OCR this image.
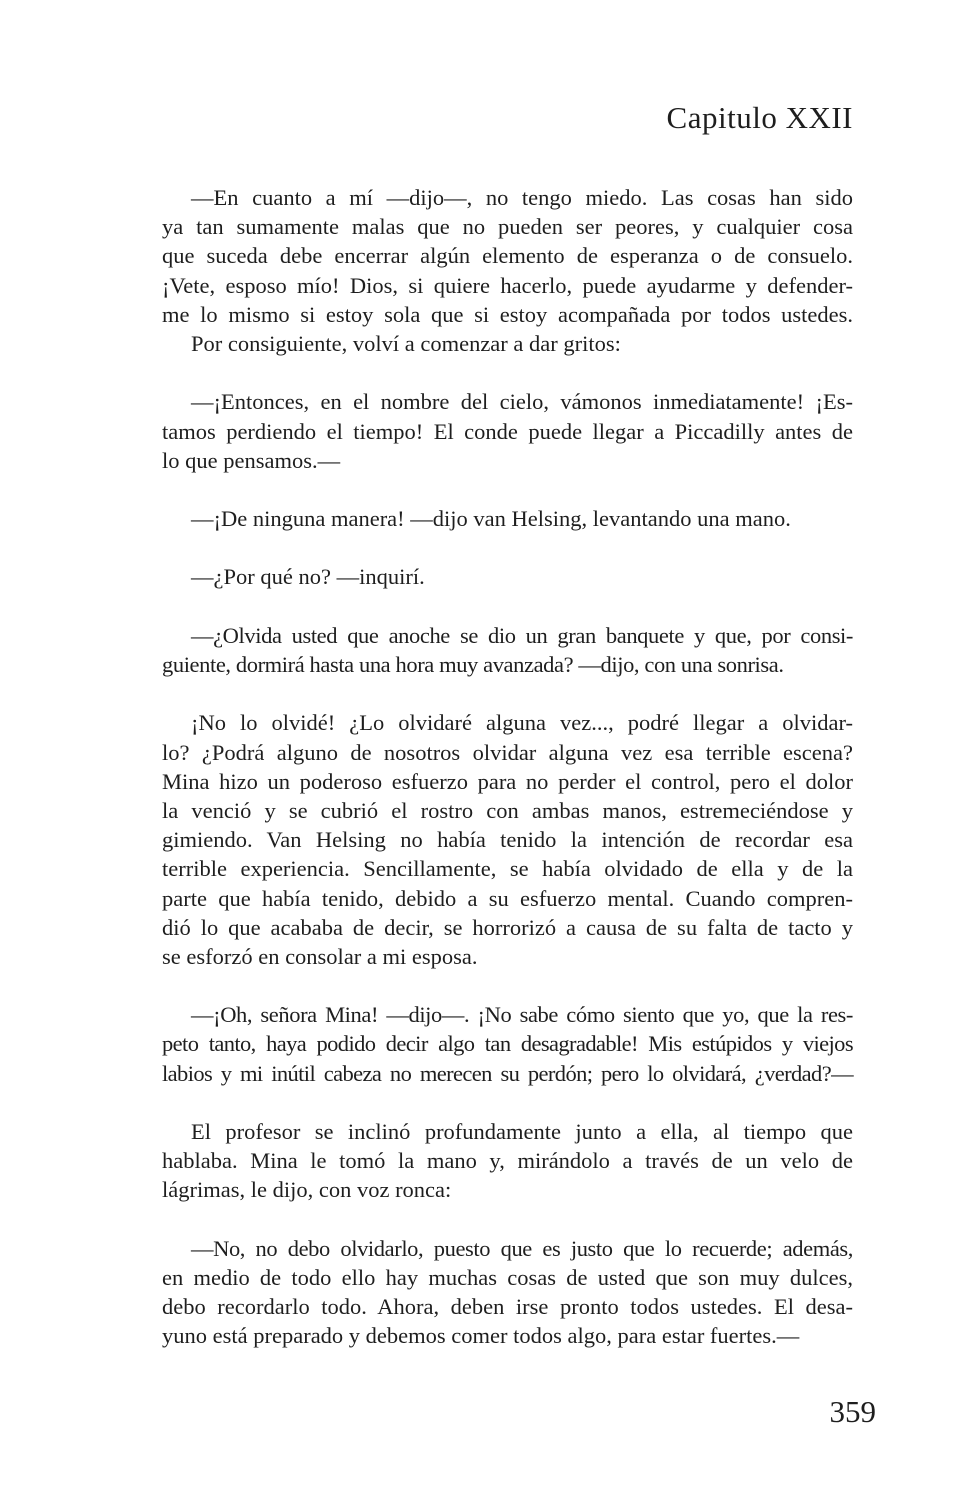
Capitulo XXII
—En cuanto a mí —dijo—, no tengo miedo. Las cosas han sido
ya tan sumamente malas que no pueden ser peores, y cualquier cosa
que suceda debe encerrar algún elemento de esperanza o de consuelo.
¡Vete, esposo mío! Dios, si quiere hacerlo, puede ayudarme y defender-
me lo mismo si estoy sola que si estoy acompañada por todos ustedes.
Por consiguiente, volví a comenzar a dar gritos:
—¡Entonces, en el nombre del cielo, vámonos inmediatamente! ¡Es-
tamos perdiendo el tiempo! El conde puede llegar a Piccadilly antes de
lo que pensamos.—
—¡De ninguna manera! —dijo van Helsing, levantando una mano.
—¿Por qué no? —inquirí.
—¿Olvida usted que anoche se dio un gran banquete y que, por consi-
guiente, dormirá hasta una hora muy avanzada? —dijo, con una sonrisa.
¡No lo olvidé! ¿Lo olvidaré alguna vez..., podré llegar a olvidar-
lo? ¿Podrá alguno de nosotros olvidar alguna vez esa terrible escena?
Mina hizo un poderoso esfuerzo para no perder el control, pero el dolor
la venció y se cubrió el rostro con ambas manos, estremeciéndose y
gimiendo. Van Helsing no había tenido la intención de recordar esa
terrible experiencia. Sencillamente, se había olvidado de ella y de la
parte que había tenido, debido a su esfuerzo mental. Cuando compren-
dió lo que acababa de decir, se horrorizó a causa de su falta de tacto y
se esforzó en consolar a mi esposa.
—¡Oh, señora Mina! —dijo—. ¡No sabe cómo siento que yo, que la res-
peto tanto, haya podido decir algo tan desagradable! Mis estúpidos y viejos
labios y mi inútil cabeza no merecen su perdón; pero lo olvidará, ¿verdad?—
El profesor se inclinó profundamente junto a ella, al tiempo que
hablaba. Mina le tomó la mano y, mirándolo a través de un velo de
lágrimas, le dijo, con voz ronca:
—No, no debo olvidarlo, puesto que es justo que lo recuerde; además,
en medio de todo ello hay muchas cosas de usted que son muy dulces,
debo recordarlo todo. Ahora, deben irse pronto todos ustedes. El desa-
yuno está preparado y debemos comer todos algo, para estar fuertes.—
359
